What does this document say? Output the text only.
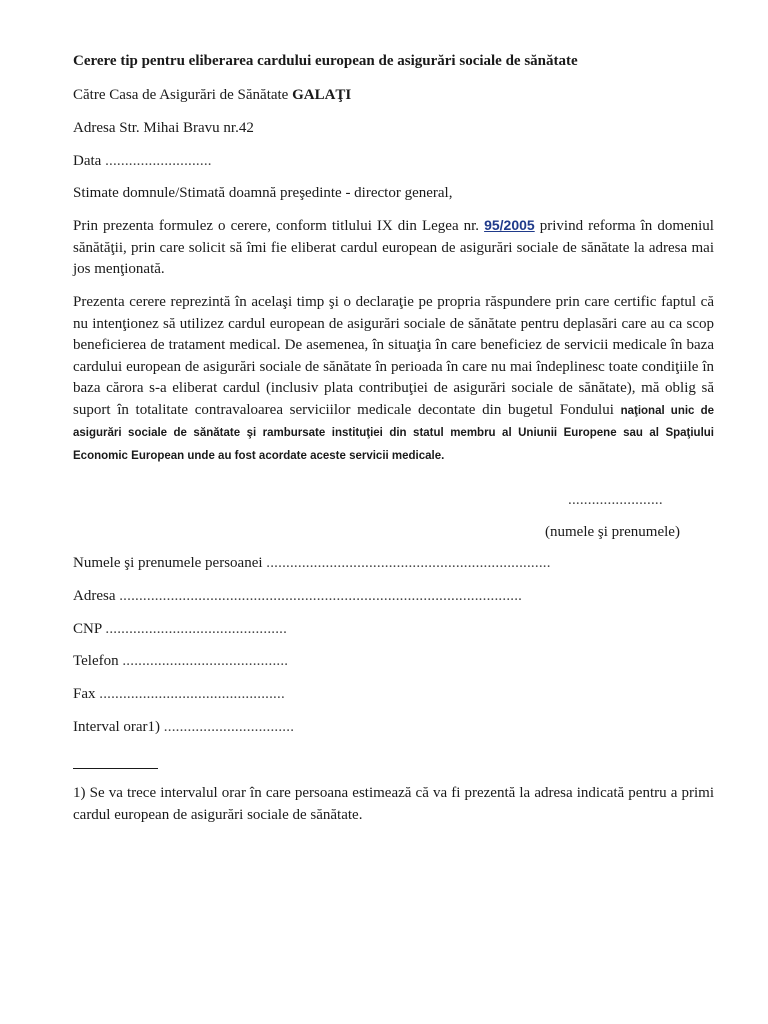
Cerere tip pentru eliberarea cardului european de asigurări sociale de sănătate
Către Casa de Asigurări de Sănătate GALAŢI
Adresa Str. Mihai Bravu nr.42
Data ...........................
Stimate domnule/Stimată doamnă preşedinte - director general,
Prin prezenta formulez o cerere, conform titlului IX din Legea nr. 95/2005 privind reforma în domeniul sănătăţii, prin care solicit să îmi fie eliberat cardul european de asigurări sociale de sănătate la adresa mai jos menţionată.
Prezenta cerere reprezintă în acelaşi timp şi o declaraţie pe propria răspundere prin care certific faptul că nu intenţionez să utilizez cardul european de asigurări sociale de sănătate pentru deplasări care au ca scop beneficierea de tratament medical. De asemenea, în situaţia în care beneficiez de servicii medicale în baza cardului european de asigurări sociale de sănătate în perioada în care nu mai îndeplinesc toate condiţiile în baza cărora s-a eliberat cardul (inclusiv plata contribuţiei de asigurări sociale de sănătate), mă oblig să suport în totalitate contravaloarea serviciilor medicale decontate din bugetul Fondului naţional unic de asigurări sociale de sănătate şi rambursate instituţiei din statul membru al Uniunii Europene sau al Spaţiului Economic European unde au fost acordate aceste servicii medicale.
........................
(numele şi prenumele)
Numele şi prenumele persoanei ........................................................................
Adresa ......................................................................................................
CNP ..............................................
Telefon ..........................................
Fax ...............................................
Interval orar1) .................................
1) Se va trece intervalul orar în care persoana estimează că va fi prezentă la adresa indicată pentru a primi cardul european de asigurări sociale de sănătate.
